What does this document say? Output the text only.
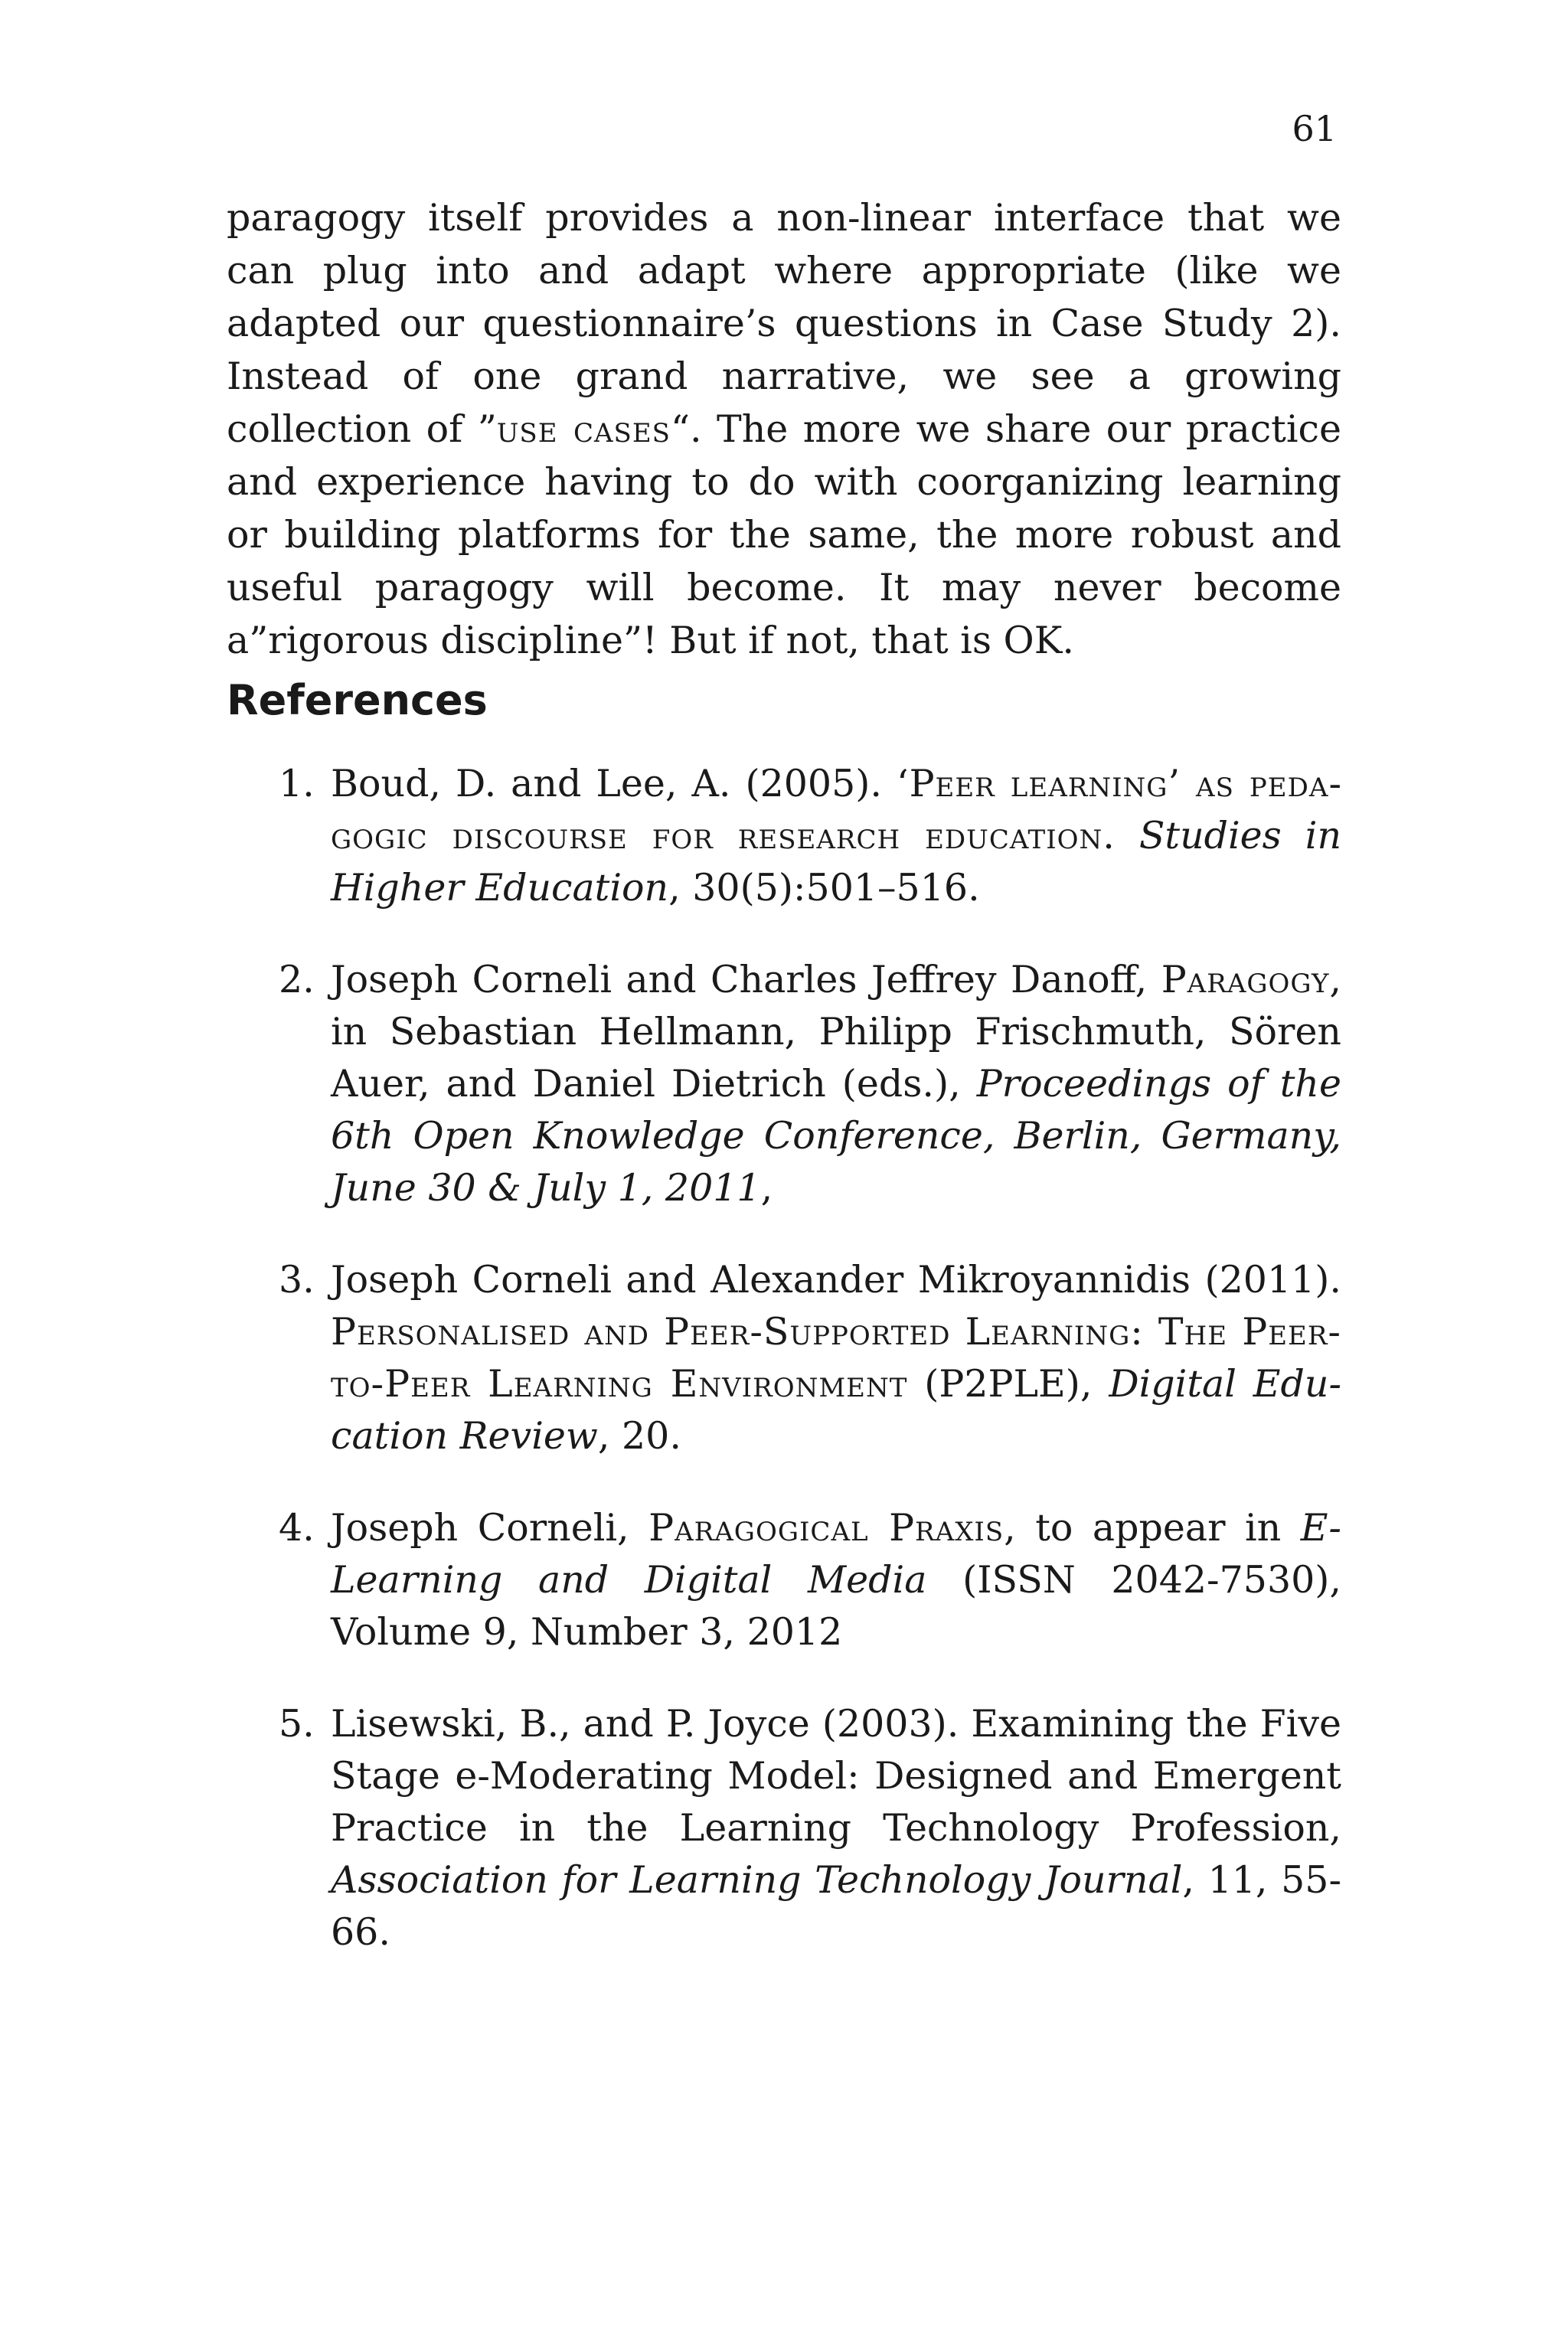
61

paragogy itself provides a non-linear interface that we can plug into and adapt where appropriate (like we adapted our questionnaire’s questions in Case Study 2). Instead of one grand narrative, we see a growing collection of ”use cases“. The more we share our practice and experience having to do with coorganizing learning or building platforms for the same, the more robust and useful paragogy will become. It may never become a”rigorous discipline”! But if not, that is OK.

References
1. Boud, D. and Lee, A. (2005). ‘Peer learning’ as pedagogic discourse for research education. Studies in Higher Education, 30(5):501–516.
2. Joseph Corneli and Charles Jeffrey Danoff, Paragogy, in Sebastian Hellmann, Philipp Frischmuth, Sören Auer, and Daniel Dietrich (eds.), Proceedings of the 6th Open Knowledge Conference, Berlin, Germany, June 30 & July 1, 2011,
3. Joseph Corneli and Alexander Mikroyannidis (2011). Personalised and Peer-Supported Learning: The Peer-to-Peer Learning Environment (P2PLE), Digital Education Review, 20.
4. Joseph Corneli, Paragogical Praxis, to appear in E-Learning and Digital Media (ISSN 2042-7530), Volume 9, Number 3, 2012
5. Lisewski, B., and P. Joyce (2003). Examining the Five Stage e-Moderating Model: Designed and Emergent Practice in the Learning Technology Profession, Association for Learning Technology Journal, 11, 55-66.
